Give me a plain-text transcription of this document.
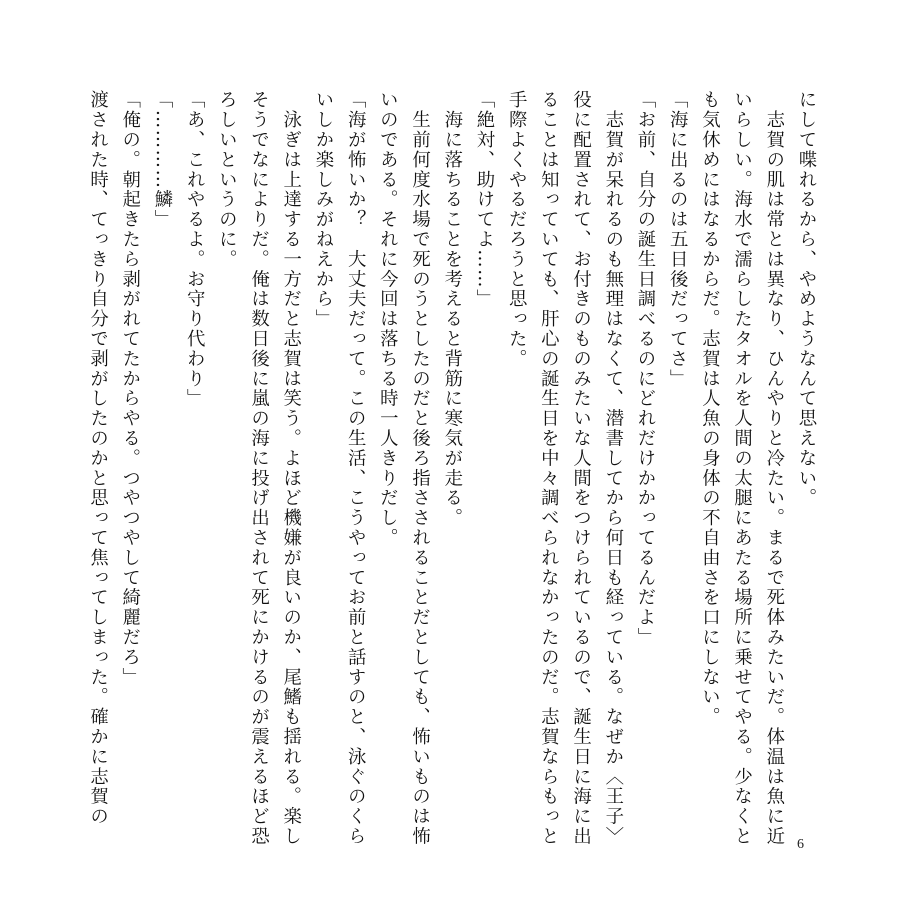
にして喋れるから、やめようなんて思えない。
　志賀の肌は常とは異なり、ひんやりと冷たい。まるで死体みたいだ。体温は魚に近
いらしい。海水で濡らしたタオルを人間の太腿にあたる場所に乗せてやる。少なくと
も気休めにはなるからだ。志賀は人魚の身体の不自由さを口にしない。
「海に出るのは五日後だってさ」
「お前、自分の誕生日調べるのにどれだけかかってるんだよ」
　志賀が呆れるのも無理はなくて、潜書してから何日も経っている。なぜか〈王子〉
役に配置されて、お付きのものみたいな人間をつけられているので、誕生日に海に出
ることは知っていても、肝心の誕生日を中々調べられなかったのだ。志賀ならもっと
手際よくやるだろうと思った。
「絶対、助けてよ……」
　海に落ちることを考えると背筋に寒気が走る。
　生前何度水場で死のうとしたのだと後ろ指さされることだとしても、怖いものは怖
いのである。それに今回は落ちる時一人きりだし。
「海が怖いか？　大丈夫だって。この生活、こうやってお前と話すのと、泳ぐのくら
いしか楽しみがねえから」
　泳ぎは上達する一方だと志賀は笑う。よほど機嫌が良いのか、尾鰭も揺れる。楽し
そうでなによりだ。俺は数日後に嵐の海に投げ出されて死にかけるのが震えるほど恐
ろしいというのに。
「あ、これやるよ。お守り代わり」
「…………鱗」
「俺の。朝起きたら剥がれてたからやる。つやつやして綺麗だろ」
渡された時、てっきり自分で剥がしたのかと思って焦ってしまった。確かに志賀の
6
